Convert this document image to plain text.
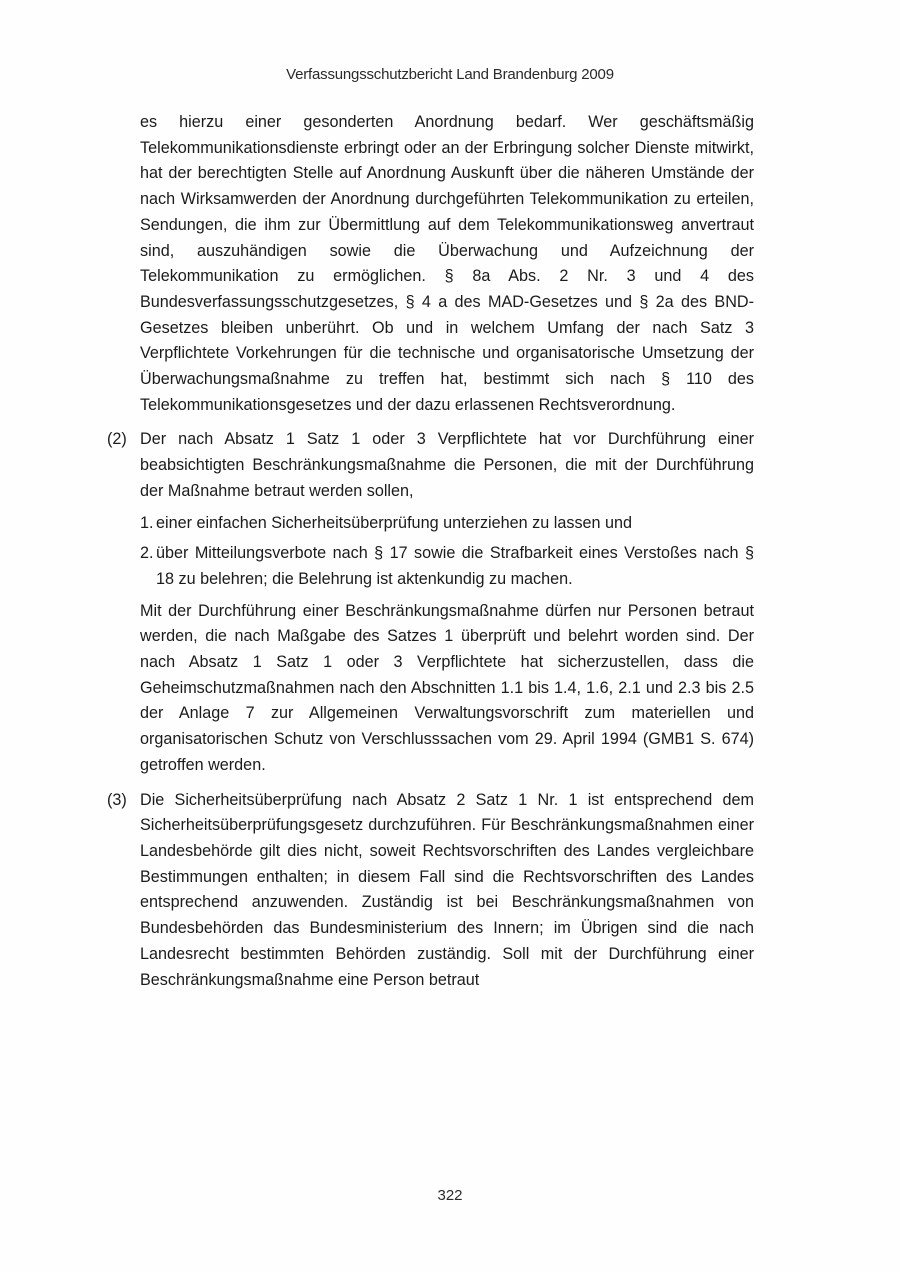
Verfassungsschutzbericht Land Brandenburg 2009

es hierzu einer gesonderten Anordnung bedarf. Wer geschäftsmäßig Telekommunikationsdienste erbringt oder an der Erbringung solcher Dienste mitwirkt, hat der berechtigten Stelle auf Anordnung Auskunft über die näheren Umstände der nach Wirksamwerden der Anordnung durchgeführten Telekommunikation zu erteilen, Sendungen, die ihm zur Übermittlung auf dem Telekommunikationsweg anvertraut sind, auszuhändigen sowie die Überwachung und Aufzeichnung der Telekommunikation zu ermöglichen. § 8a Abs. 2 Nr. 3 und 4 des Bundesverfassungsschutzgesetzes, § 4 a des MAD-Gesetzes und § 2a des BND-Gesetzes bleiben unberührt. Ob und in welchem Umfang der nach Satz 3 Verpflichtete Vorkehrungen für die technische und organisatorische Umsetzung der Überwachungsmaßnahme zu treffen hat, bestimmt sich nach § 110 des Telekommunikationsgesetzes und der dazu erlassenen Rechtsverordnung.

(2) Der nach Absatz 1 Satz 1 oder 3 Verpflichtete hat vor Durchführung einer beabsichtigten Beschränkungsmaßnahme die Personen, die mit der Durchführung der Maßnahme betraut werden sollen,

1. einer einfachen Sicherheitsüberprüfung unterziehen zu lassen und
2. über Mitteilungsverbote nach § 17 sowie die Strafbarkeit eines Verstoßes nach § 18 zu belehren; die Belehrung ist aktenkundig zu machen.

Mit der Durchführung einer Beschränkungsmaßnahme dürfen nur Personen betraut werden, die nach Maßgabe des Satzes 1 überprüft und belehrt worden sind. Der nach Absatz 1 Satz 1 oder 3 Verpflichtete hat sicherzustellen, dass die Geheimschutzmaßnahmen nach den Abschnitten 1.1 bis 1.4, 1.6, 2.1 und 2.3 bis 2.5 der Anlage 7 zur Allgemeinen Verwaltungsvorschrift zum materiellen und organisatorischen Schutz von Verschlusssachen vom 29. April 1994 (GMB1 S. 674) getroffen werden.

(3) Die Sicherheitsüberprüfung nach Absatz 2 Satz 1 Nr. 1 ist entsprechend dem Sicherheitsüberprüfungsgesetz durchzuführen. Für Beschränkungsmaßnahmen einer Landesbehörde gilt dies nicht, soweit Rechtsvorschriften des Landes vergleichbare Bestimmungen enthalten; in diesem Fall sind die Rechtsvorschriften des Landes entsprechend anzuwenden. Zuständig ist bei Beschränkungsmaßnahmen von Bundesbehörden das Bundesministerium des Innern; im Übrigen sind die nach Landesrecht bestimmten Behörden zuständig. Soll mit der Durchführung einer Beschränkungsmaßnahme eine Person betraut

322
